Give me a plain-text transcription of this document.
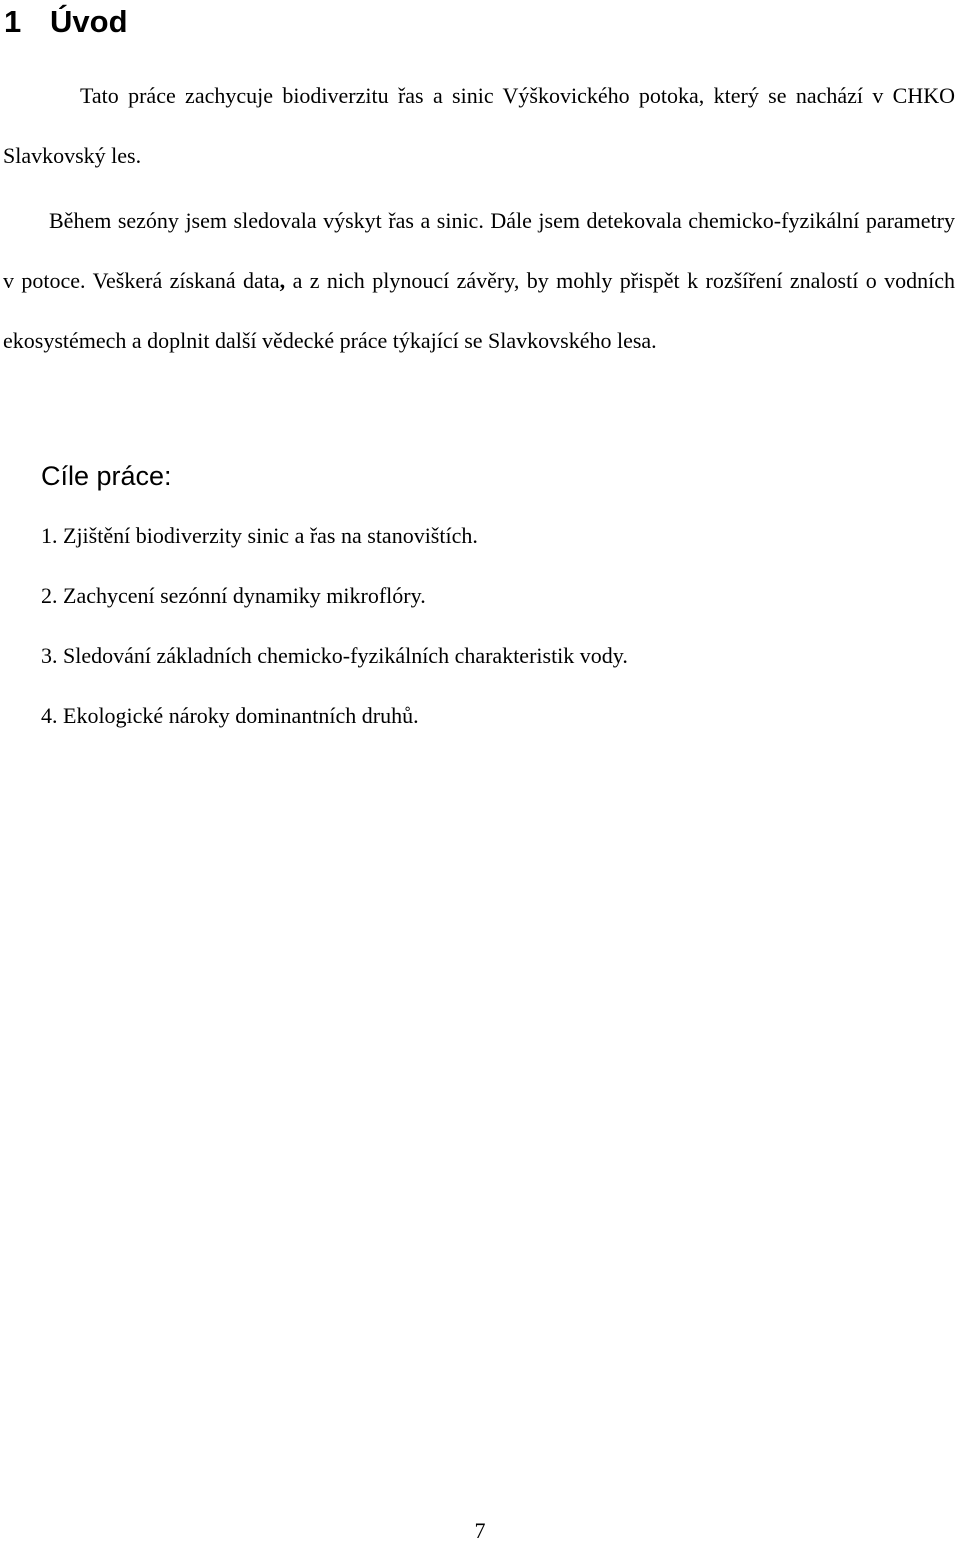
1 Úvod

Tato práce zachycuje biodiverzitu řas a sinic Výškovického potoka, který se nachází v CHKO Slavkovský les.

Během sezóny jsem sledovala výskyt řas a sinic. Dále jsem detekovala chemicko-fyzikální parametry v potoce. Veškerá získaná data, a z nich plynoucí závěry, by mohly přispět k rozšíření znalostí o vodních ekosystémech a doplnit další vědecké práce týkající se Slavkovského lesa.

Cíle práce:
1. Zjištění biodiverzity sinic a řas na stanovištích.
2. Zachycení sezónní dynamiky mikroflóry.
3. Sledování základních chemicko-fyzikálních charakteristik vody.
4. Ekologické nároky dominantních druhů.
7
